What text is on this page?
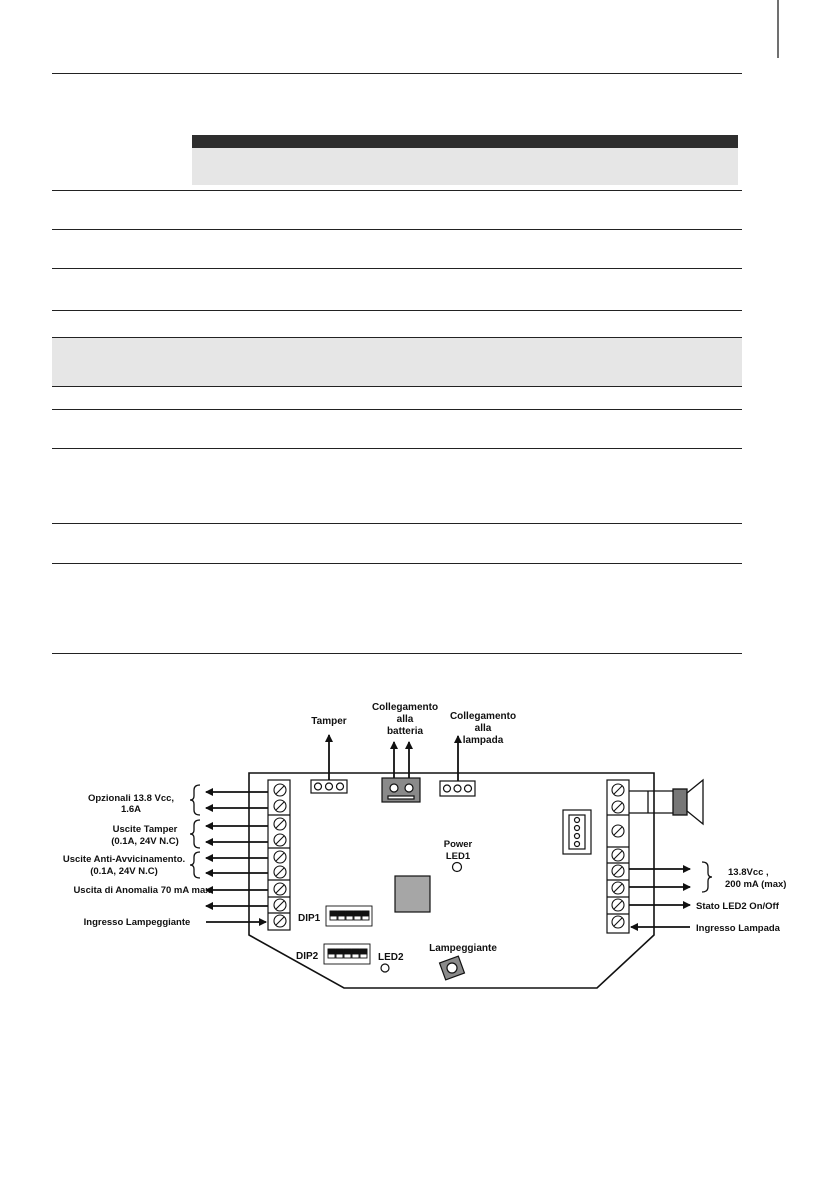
Tamper
Collegamento
alla
batteria
Collegamento
alla
lampada
Opzionali 13.8 Vcc,
1.6A
Uscite Tamper
(0.1A, 24V N.C)
Uscite Anti-Avvicinamento.
(0.1A, 24V N.C)
Uscita di Anomalia 70 mA max
Ingresso Lampeggiante
Power
LED1
DIP1
DIP2	LED2
Lampeggiante
13.8Vcc ,
200 mA (max)
Stato LED2 On/Off
Ingresso Lampada
